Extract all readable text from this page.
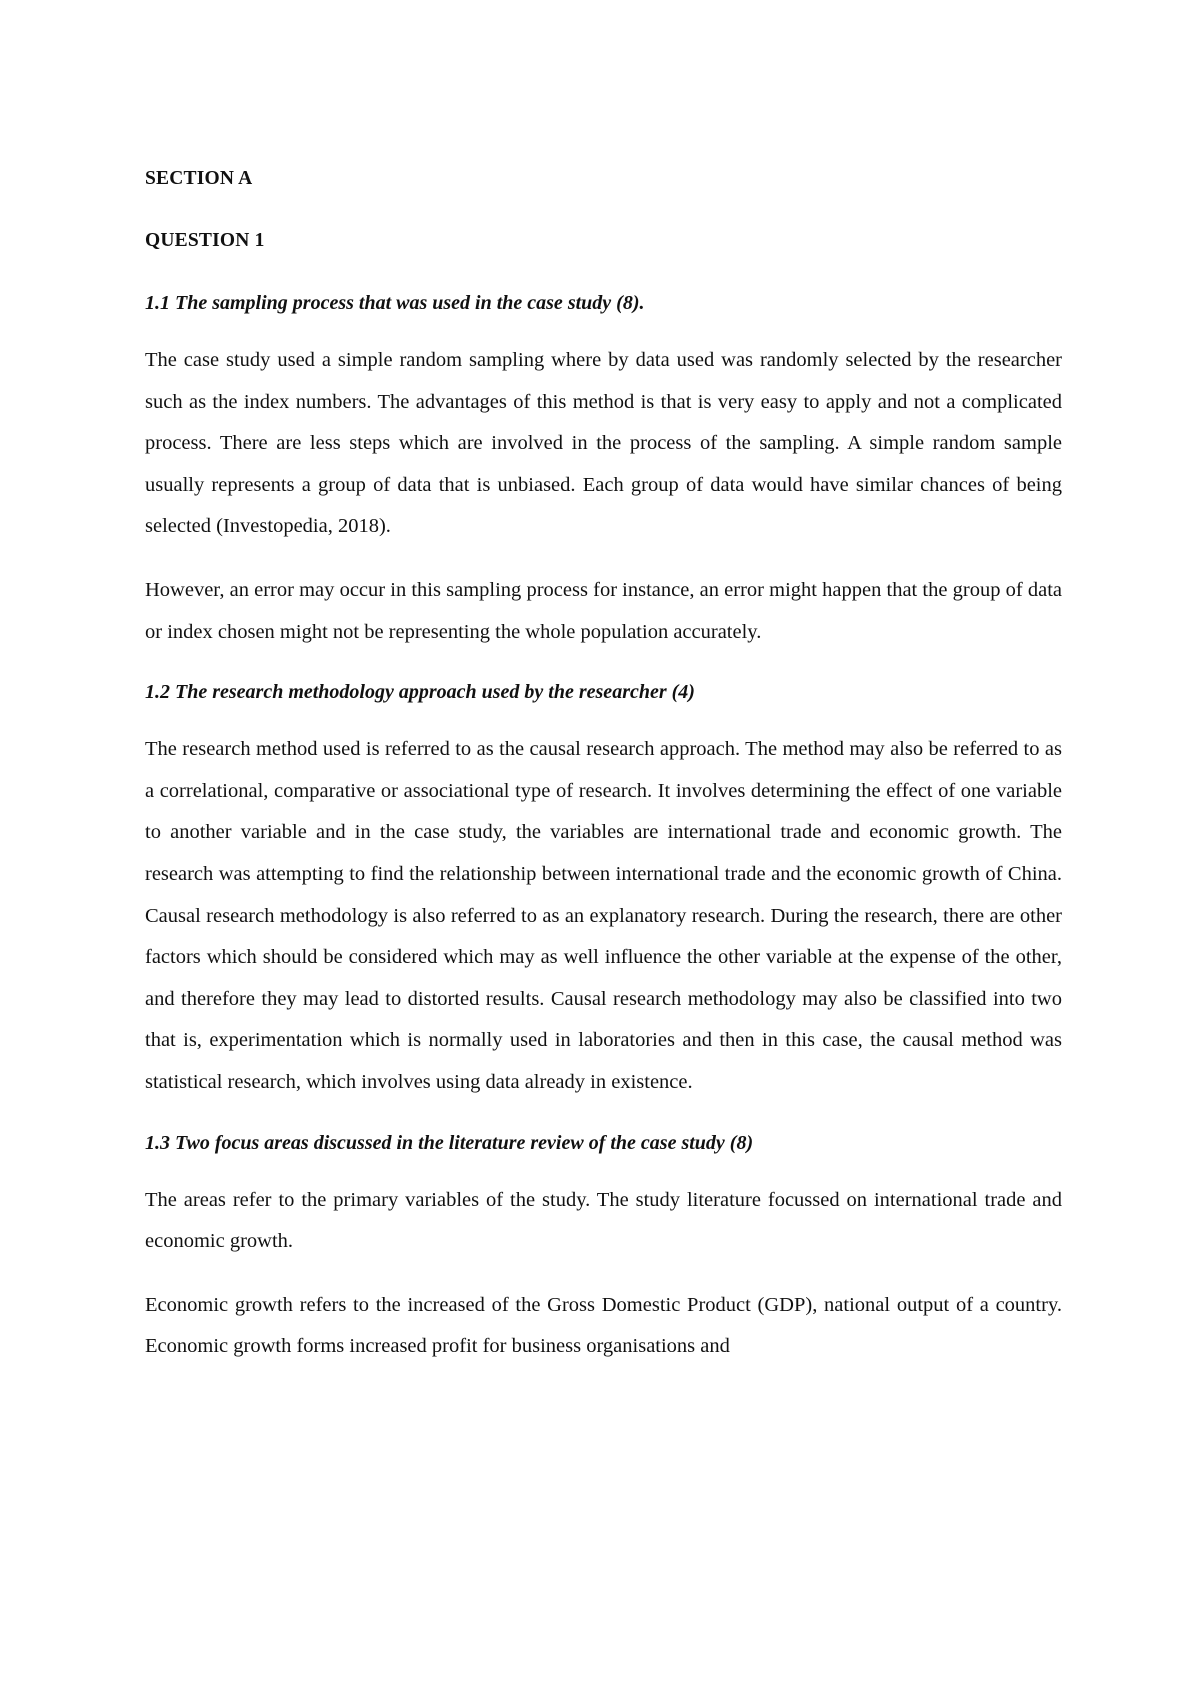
SECTION A
QUESTION 1
1.1 The sampling process that was used in the case study (8).

The case study used a simple random sampling where by data used was randomly selected by the researcher such as the index numbers. The advantages of this method is that is very easy to apply and not a complicated process. There are less steps which are involved in the process of the sampling. A simple random sample usually represents a group of data that is unbiased. Each group of data would have similar chances of being selected (Investopedia, 2018).

However, an error may occur in this sampling process for instance, an error might happen that the group of data or index chosen might not be representing the whole population accurately.

1.2 The research methodology approach used by the researcher (4)

The research method used is referred to as the causal research approach. The method may also be referred to as a correlational, comparative or associational type of research. It involves determining the effect of one variable to another variable and in the case study, the variables are international trade and economic growth. The research was attempting to find the relationship between international trade and the economic growth of China. Causal research methodology is also referred to as an explanatory research. During the research, there are other factors which should be considered which may as well influence the other variable at the expense of the other, and therefore they may lead to distorted results. Causal research methodology may also be classified into two that is, experimentation which is normally used in laboratories and then in this case, the causal method was statistical research, which involves using data already in existence.

1.3 Two focus areas discussed in the literature review of the case study (8)

The areas refer to the primary variables of the study. The study literature focussed on international trade and economic growth.

Economic growth refers to the increased of the Gross Domestic Product (GDP), national output of a country. Economic growth forms increased profit for business organisations and
